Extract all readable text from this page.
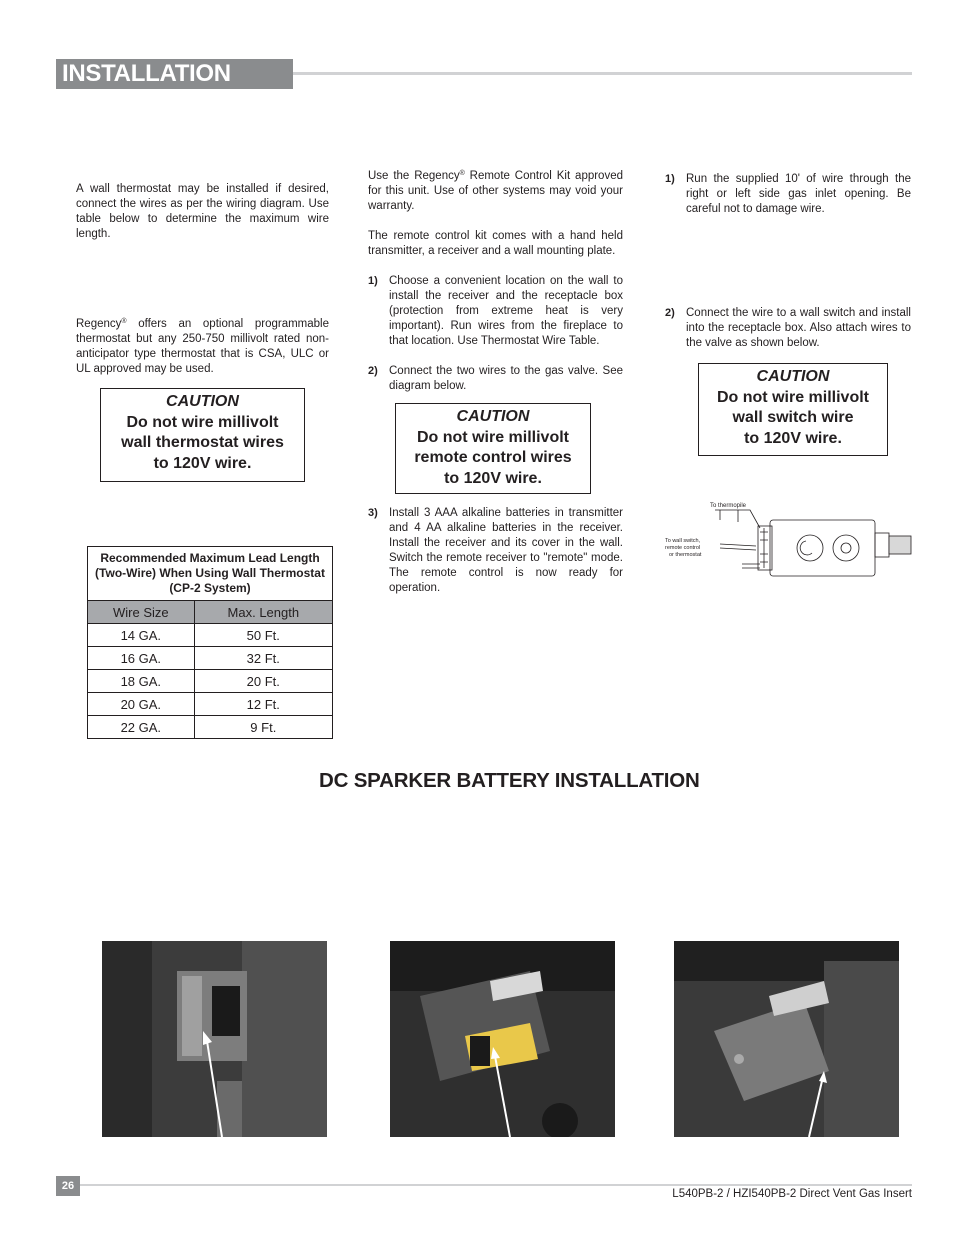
INSTALLATION
A wall thermostat may be installed if desired, connect the wires as per the wiring diagram. Use table below to determine the maximum wire length.
Regency® offers an optional programmable thermostat but any 250-750 millivolt rated non-anticipator type thermostat that is CSA, ULC or UL approved may be used.
CAUTION
Do not wire millivolt
wall thermostat wires
to 120V wire.
Recommended Maximum Lead Length (Two-Wire) When Using Wall Thermostat (CP-2 System)	
Wire Size	Max. Length
14 GA.	50 Ft.
16 GA.	32 Ft.
18 GA.	20 Ft.
20 GA.	12 Ft.
22 GA.	9 Ft.
Use the Regency® Remote Control Kit approved for this unit. Use of other systems may void your warranty.
The remote control kit comes with a hand held transmitter, a receiver and a wall mounting plate.
1) Choose a convenient location on the wall to install the receiver and the receptacle box (protection from extreme heat is very important). Run wires from the fireplace to that location. Use Thermostat Wire Table.
2) Connect the two wires to the gas valve. See diagram below.
CAUTION
Do not wire millivolt
remote control wires
to 120V wire.
3) Install 3 AAA alkaline batteries in transmitter and 4 AA alkaline batteries in the receiver. Install the receiver and its cover in the wall. Switch the remote receiver to "remote" mode. The remote control is now ready for operation.
1) Run the supplied 10' of wire through the right or left side gas inlet opening. Be careful not to damage wire.
2) Connect the wire to a wall switch and install into the receptacle box. Also attach wires to the valve as shown below.
CAUTION
Do not wire millivolt
wall switch wire
to 120V wire.
To thermopile
To wall switch,
remote control
or thermostat
DC SPARKER BATTERY INSTALLATION
26
L540PB-2 / HZI540PB-2 Direct Vent Gas Insert
